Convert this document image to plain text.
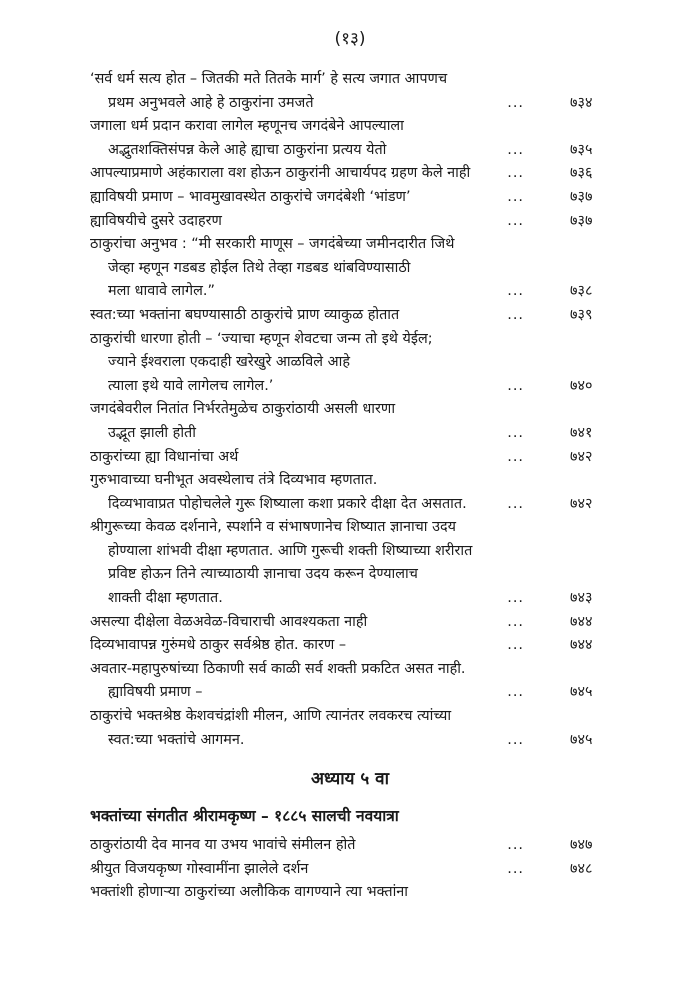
(१३)
‘सर्व धर्म सत्य होत – जितकी मते तितके मार्ग’ हे सत्य जगात आपणच
प्रथम अनुभवले आहे हे ठाकुरांना उमजते	...	७३४
जगाला धर्म प्रदान करावा लागेल म्हणूनच जगदंबेने आपल्याला
अद्भुतशक्तिसंपन्न केले आहे ह्याचा ठाकुरांना प्रत्यय येतो	...	७३५
आपल्याप्रमाणे अहंकाराला वश होऊन ठाकुरांनी आचार्यपद ग्रहण केले नाही	...	७३६
ह्याविषयी प्रमाण – भावमुखावस्थेत ठाकुरांचे जगदंबेशी ‘भांडण’	...	७३७
ह्याविषयीचे दुसरे उदाहरण	...	७३७
ठाकुरांचा अनुभव : “मी सरकारी माणूस – जगदंबेच्या जमीनदारीत जिथे
जेव्हा म्हणून गडबड होईल तिथे तेव्हा गडबड थांबविण्यासाठी
मला धावावे लागेल.”	...	७३८
स्वत:च्या भक्तांना बघण्यासाठी ठाकुरांचे प्राण व्याकुळ होतात	...	७३९
ठाकुरांची धारणा होती – ‘ज्याचा म्हणून शेवटचा जन्म तो इथे येईल;
ज्याने ईश्वराला एकदाही खरेखुरे आळविले आहे
त्याला इथे यावे लागेलच लागेल.’	...	७४०
जगदंबेवरील नितांत निर्भरतेमुळेच ठाकुरांठायी असली धारणा
उद्भूत झाली होती	...	७४१
ठाकुरांच्या ह्या विधानांचा अर्थ	...	७४२
गुरुभावाच्या घनीभूत अवस्थेलाच तंत्रे दिव्यभाव म्हणतात.
दिव्यभावाप्रत पोहोचलेले गुरू शिष्याला कशा प्रकारे दीक्षा देत असतात.	...	७४२
श्रीगुरूच्या केवळ दर्शनाने, स्पर्शाने व संभाषणानेच शिष्यात ज्ञानाचा उदय
होण्याला शांभवी दीक्षा म्हणतात. आणि गुरूची शक्ती शिष्याच्या शरीरात
प्रविष्ट होऊन तिने त्याच्याठायी ज्ञानाचा उदय करून देण्यालाच
शाक्ती दीक्षा म्हणतात.	...	७४३
असल्या दीक्षेला वेळअवेळ-विचाराची आवश्यकता नाही	...	७४४
दिव्यभावापन्न गुरुंमधे ठाकुर सर्वश्रेष्ठ होत. कारण –	...	७४४
अवतार-महापुरुषांच्या ठिकाणी सर्व काळी सर्व शक्ती प्रकटित असत नाही.
ह्याविषयी प्रमाण –	...	७४५
ठाकुरांचे भक्तश्रेष्ठ केशवचंद्रांशी मीलन, आणि त्यानंतर लवकरच त्यांच्या
स्वत:च्या भक्तांचे आगमन.	...	७४५
अध्याय ५ वा
भक्तांच्या संगतीत श्रीरामकृष्ण – १८८५ सालची नवयात्रा
ठाकुरांठायी देव मानव या उभय भावांचे संमीलन होते	...	७४७
श्रीयुत विजयकृष्ण गोस्वामींना झालेले दर्शन	...	७४८
भक्तांशी होणाऱ्या ठाकुरांच्या अलौकिक वागण्याने त्या भक्तांना
